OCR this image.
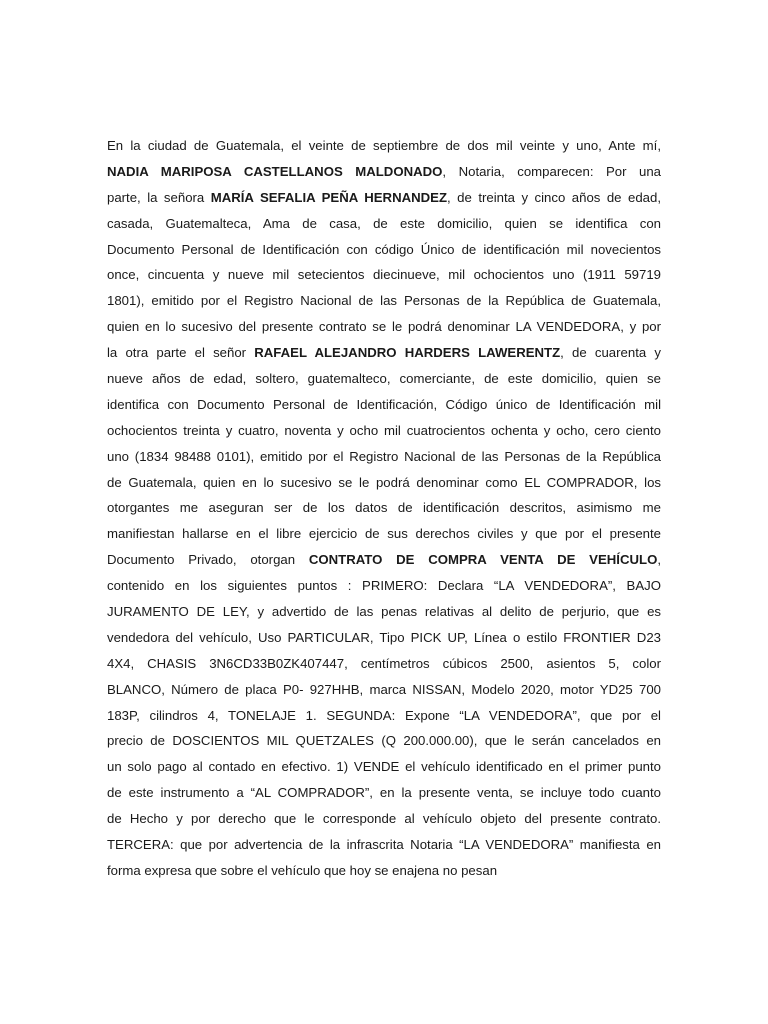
En la ciudad de Guatemala, el veinte de septiembre de dos mil veinte y uno, Ante mí,
NADIA MARIPOSA CASTELLANOS MALDONADO, Notaria, comparecen: Por una
parte, la señora MARÍA SEFALIA PEÑA HERNANDEZ, de treinta y cinco años de edad,
casada, Guatemalteca, Ama de casa, de este domicilio, quien se identifica con
Documento Personal de Identificación con código Único de identificación mil novecientos
once, cincuenta y nueve mil setecientos diecinueve, mil ochocientos uno (1911 59719
1801), emitido por el Registro Nacional de las Personas de la República de Guatemala,
quien en lo sucesivo del presente contrato se le podrá denominar LA VENDEDORA, y por
la otra parte el señor RAFAEL ALEJANDRO HARDERS LAWERENTZ, de cuarenta y
nueve años de edad, soltero, guatemalteco, comerciante, de este domicilio, quien se
identifica con Documento Personal de Identificación, Código único de Identificación mil
ochocientos treinta y cuatro, noventa y ocho mil cuatrocientos ochenta y ocho, cero ciento
uno (1834 98488 0101), emitido por el Registro Nacional de las Personas de la República
de Guatemala, quien en lo sucesivo se le podrá denominar como EL COMPRADOR, los
otorgantes me aseguran ser de los datos de identificación descritos, asimismo me
manifiestan hallarse en el libre ejercicio de sus derechos civiles y que por el presente
Documento Privado, otorgan CONTRATO DE COMPRA VENTA DE VEHÍCULO,
contenido en los siguientes puntos : PRIMERO: Declara “LA VENDEDORA”, BAJO
JURAMENTO DE LEY, y advertido de las penas relativas al delito de perjurio, que es
vendedora del vehículo, Uso PARTICULAR, Tipo PICK UP, Línea o estilo FRONTIER D23
4X4, CHASIS 3N6CD33B0ZK407447, centímetros cúbicos 2500, asientos 5, color
BLANCO, Número de placa P0- 927HHB, marca NISSAN, Modelo 2020, motor YD25 700
183P, cilindros 4, TONELAJE 1. SEGUNDA: Expone “LA VENDEDORA”, que por el
precio de DOSCIENTOS MIL QUETZALES (Q 200.000.00), que le serán cancelados en
un solo pago al contado en efectivo. 1) VENDE el vehículo identificado en el primer punto
de este instrumento a “AL COMPRADOR”, en la presente venta, se incluye todo cuanto
de Hecho y por derecho que le corresponde al vehículo objeto del presente contrato.
TERCERA: que por advertencia de la infrascrita Notaria “LA VENDEDORA” manifiesta en
forma expresa que sobre el vehículo que hoy se enajena no pesan
